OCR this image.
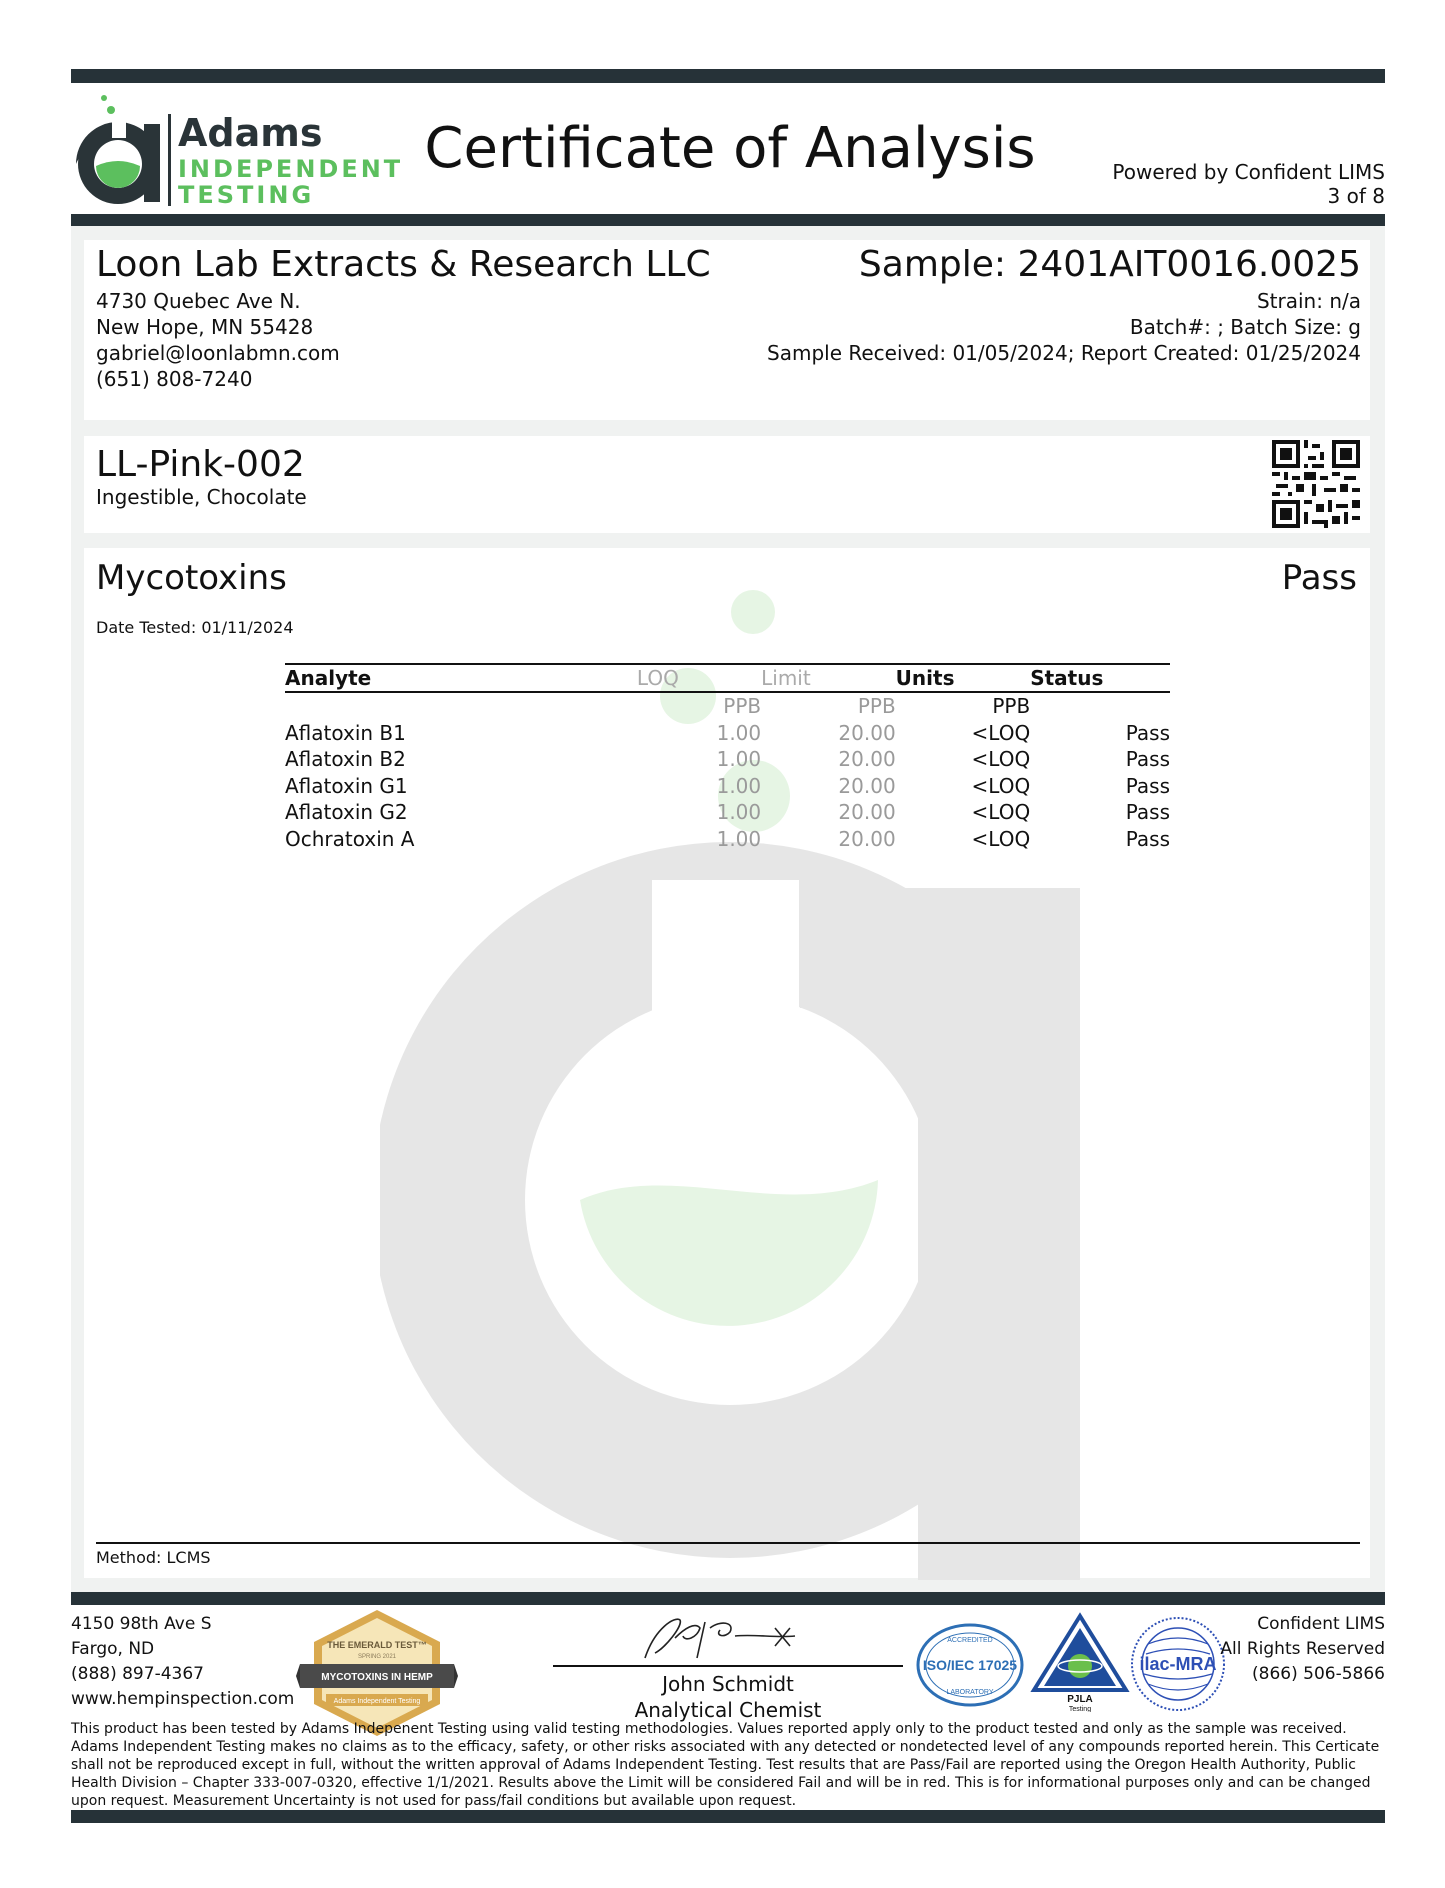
Adams
INDEPENDENT
TESTING
Certificate of Analysis	Powered by Confident LIMS
3 of 8
Loon Lab Extracts & Research LLC
4730 Quebec Ave N.
New Hope, MN 55428
gabriel@loonlabmn.com
(651) 808-7240
Sample: 2401AIT0016.0025
Strain: n/a
Batch#: ; Batch Size: g
Sample Received: 01/05/2024; Report Created: 01/25/2024
LL-Pink-002
Ingestible, Chocolate
Mycotoxins	Pass
Date Tested: 01/11/2024
Analyte	LOQ	Limit	Units	Status
	PPB	PPB	PPB	
Aflatoxin B1	1.00	20.00	<LOQ	Pass
Aflatoxin B2	1.00	20.00	<LOQ	Pass
Aflatoxin G1	1.00	20.00	<LOQ	Pass
Aflatoxin G2	1.00	20.00	<LOQ	Pass
Ochratoxin A	1.00	20.00	<LOQ	Pass
Method: LCMS
4150 98th Ave S
Fargo, ND
(888) 897-4367
www.hempinspection.com
THE EMERALD TEST™
SPRING 2021
MYCOTOXINS IN HEMP
Adams Independent Testing
John Schmidt
Analytical Chemist
ACCREDITED
ISO/IEC 17025
LABORATORY
PJLA
Testing
ilac-MRA
Confident LIMS
All Rights Reserved
(866) 506-5866
This product has been tested by Adams Indepenent Testing using valid testing methodologies. Values reported apply only to the product tested and only as the sample was received. Adams Independent Testing makes no claims as to the efficacy, safety, or other risks associated with any detected or nondetected level of any compounds reported herein. This Certicate shall not be reproduced except in full, without the written approval of Adams Independent Testing. Test results that are Pass/Fail are reported using the Oregon Health Authority, Public Health Division – Chapter 333-007-0320, effective 1/1/2021. Results above the Limit will be considered Fail and will be in red. This is for informational purposes only and can be changed upon request. Measurement Uncertainty is not used for pass/fail conditions but available upon request.
